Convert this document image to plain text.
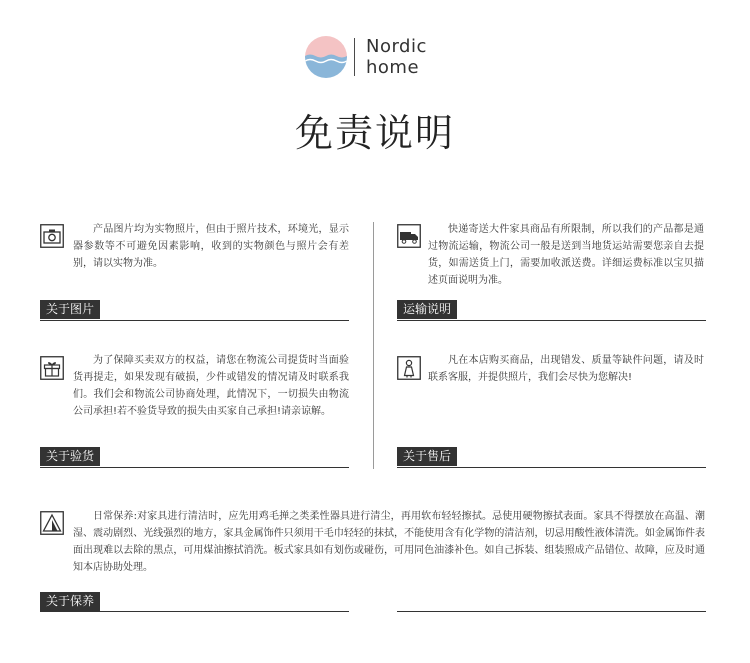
Nordic
home
免责说明
产品图片均为实物照片，但由于照片技术，环境光，显示器参数等不可避免因素影响，收到的实物颜色与照片会有差别，请以实物为准。
关于图片
快递寄送大件家具商品有所限制，所以我们的产品都是通过物流运输，物流公司一般是送到当地货运站需要您亲自去提货，如需送货上门，需要加收派送费。详细运费标准以宝贝描述页面说明为准。
运输说明
为了保障买卖双方的权益，请您在物流公司提货时当面验货再提走，如果发现有破损，少件或错发的情况请及时联系我们。我们会和物流公司协商处理，此情况下，一切损失由物流公司承担!若不验货导致的损失由买家自己承担!请亲谅解。
关于验货
凡在本店购买商品，出现错发、质量等缺件问题，请及时联系客服，并提供照片，我们会尽快为您解决!
关于售后
日常保养:对家具进行清洁时，应先用鸡毛掸之类柔性器具进行清尘，再用软布轻轻擦拭。忌使用硬物擦拭表面。家具不得摆放在高温、潮湿、震动剧烈、光线强烈的地方，家具金属饰件只须用干毛巾轻轻的抹拭，不能使用含有化学物的清洁剂，切忌用酸性液体清洗。如金属饰件表面出现难以去除的黑点，可用煤油擦拭消洗。板式家具如有划伤或碰伤，可用同色油漆补色。如自己拆装、组装照成产品错位、故障，应及时通知本店协助处理。
关于保养
